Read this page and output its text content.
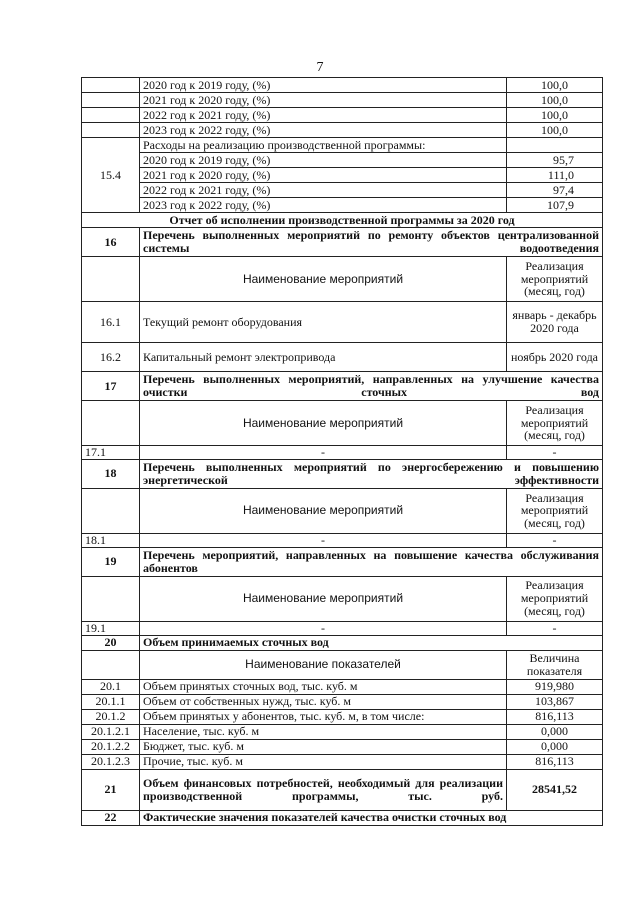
7
	2020 год к 2019 году, (%)	100,0
	2021 год к 2020 году, (%)	100,0
	2022 год к 2021 году, (%)	100,0
	2023 год к 2022 году, (%)	100,0
15.4	Расходы на реализацию производственной программы:	
	2020 год к 2019 году, (%)	95,7
	2021 год к 2020 году, (%)	111,0
	2022 год к 2021 году, (%)	97,4
	2023 год к 2022 году, (%)	107,9
Отчет об исполнении производственной программы за 2020 год		
16	Перечень выполненных мероприятий по ремонту объектов централизованной системы водоотведения	
	Наименование мероприятий	Реализация мероприятий (месяц, год)
16.1	Текущий ремонт оборудования	январь - декабрь 2020 года
16.2	Капитальный ремонт электропривода	ноябрь 2020 года
17	Перечень выполненных мероприятий, направленных на улучшение качества очистки сточных вод	
	Наименование мероприятий	Реализация мероприятий (месяц, год)
17.1	-	-
18	Перечень выполненных мероприятий по энергосбережению и повышению энергетической эффективности	
	Наименование мероприятий	Реализация мероприятий (месяц, год)
18.1	-	-
19	Перечень мероприятий, направленных на повышение качества обслуживания абонентов	
	Наименование мероприятий	Реализация мероприятий (месяц, год)
19.1	-	-
20	Объем принимаемых сточных вод	
	Наименование показателей	Величина показателя
20.1	Объем принятых сточных вод, тыс. куб. м	919,980
20.1.1	Объем от собственных нужд, тыс. куб. м	103,867
20.1.2	Объем принятых у абонентов, тыс. куб. м, в том числе:	816,113
20.1.2.1	Население, тыс. куб. м	0,000
20.1.2.2	Бюджет, тыс. куб. м	0,000
20.1.2.3	Прочие, тыс. куб. м	816,113
21	Объем финансовых потребностей, необходимый для реализации производственной программы, тыс. руб.	28541,52
22	Фактические значения показателей качества очистки сточных вод	
